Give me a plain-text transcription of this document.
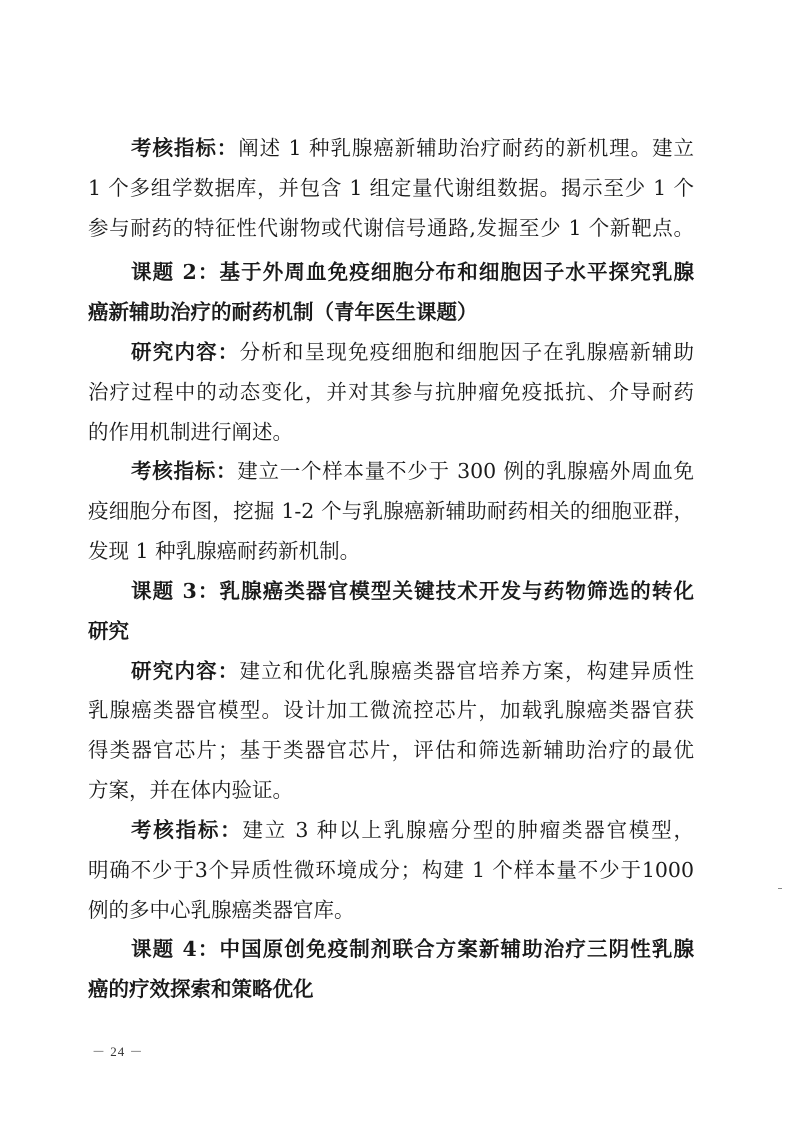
考核指标：阐述 1 种乳腺癌新辅助治疗耐药的新机理。建立
1 个多组学数据库，并包含 1 组定量代谢组数据。揭示至少 1 个
参与耐药的特征性代谢物或代谢信号通路,发掘至少 1 个新靶点。
课题 2：基于外周血免疫细胞分布和细胞因子水平探究乳腺
癌新辅助治疗的耐药机制（青年医生课题）
研究内容：分析和呈现免疫细胞和细胞因子在乳腺癌新辅助
治疗过程中的动态变化，并对其参与抗肿瘤免疫抵抗、介导耐药
的作用机制进行阐述。
考核指标：建立一个样本量不少于 300 例的乳腺癌外周血免
疫细胞分布图，挖掘 1-2 个与乳腺癌新辅助耐药相关的细胞亚群，
发现 1 种乳腺癌耐药新机制。
课题 3：乳腺癌类器官模型关键技术开发与药物筛选的转化
研究
研究内容：建立和优化乳腺癌类器官培养方案，构建异质性
乳腺癌类器官模型。设计加工微流控芯片，加载乳腺癌类器官获
得类器官芯片；基于类器官芯片，评估和筛选新辅助治疗的最优
方案，并在体内验证。
考核指标：建立 3 种以上乳腺癌分型的肿瘤类器官模型，
明确不少于3个异质性微环境成分；构建 1 个样本量不少于1000
例的多中心乳腺癌类器官库。
课题 4：中国原创免疫制剂联合方案新辅助治疗三阴性乳腺
癌的疗效探索和策略优化
－ 24 －
